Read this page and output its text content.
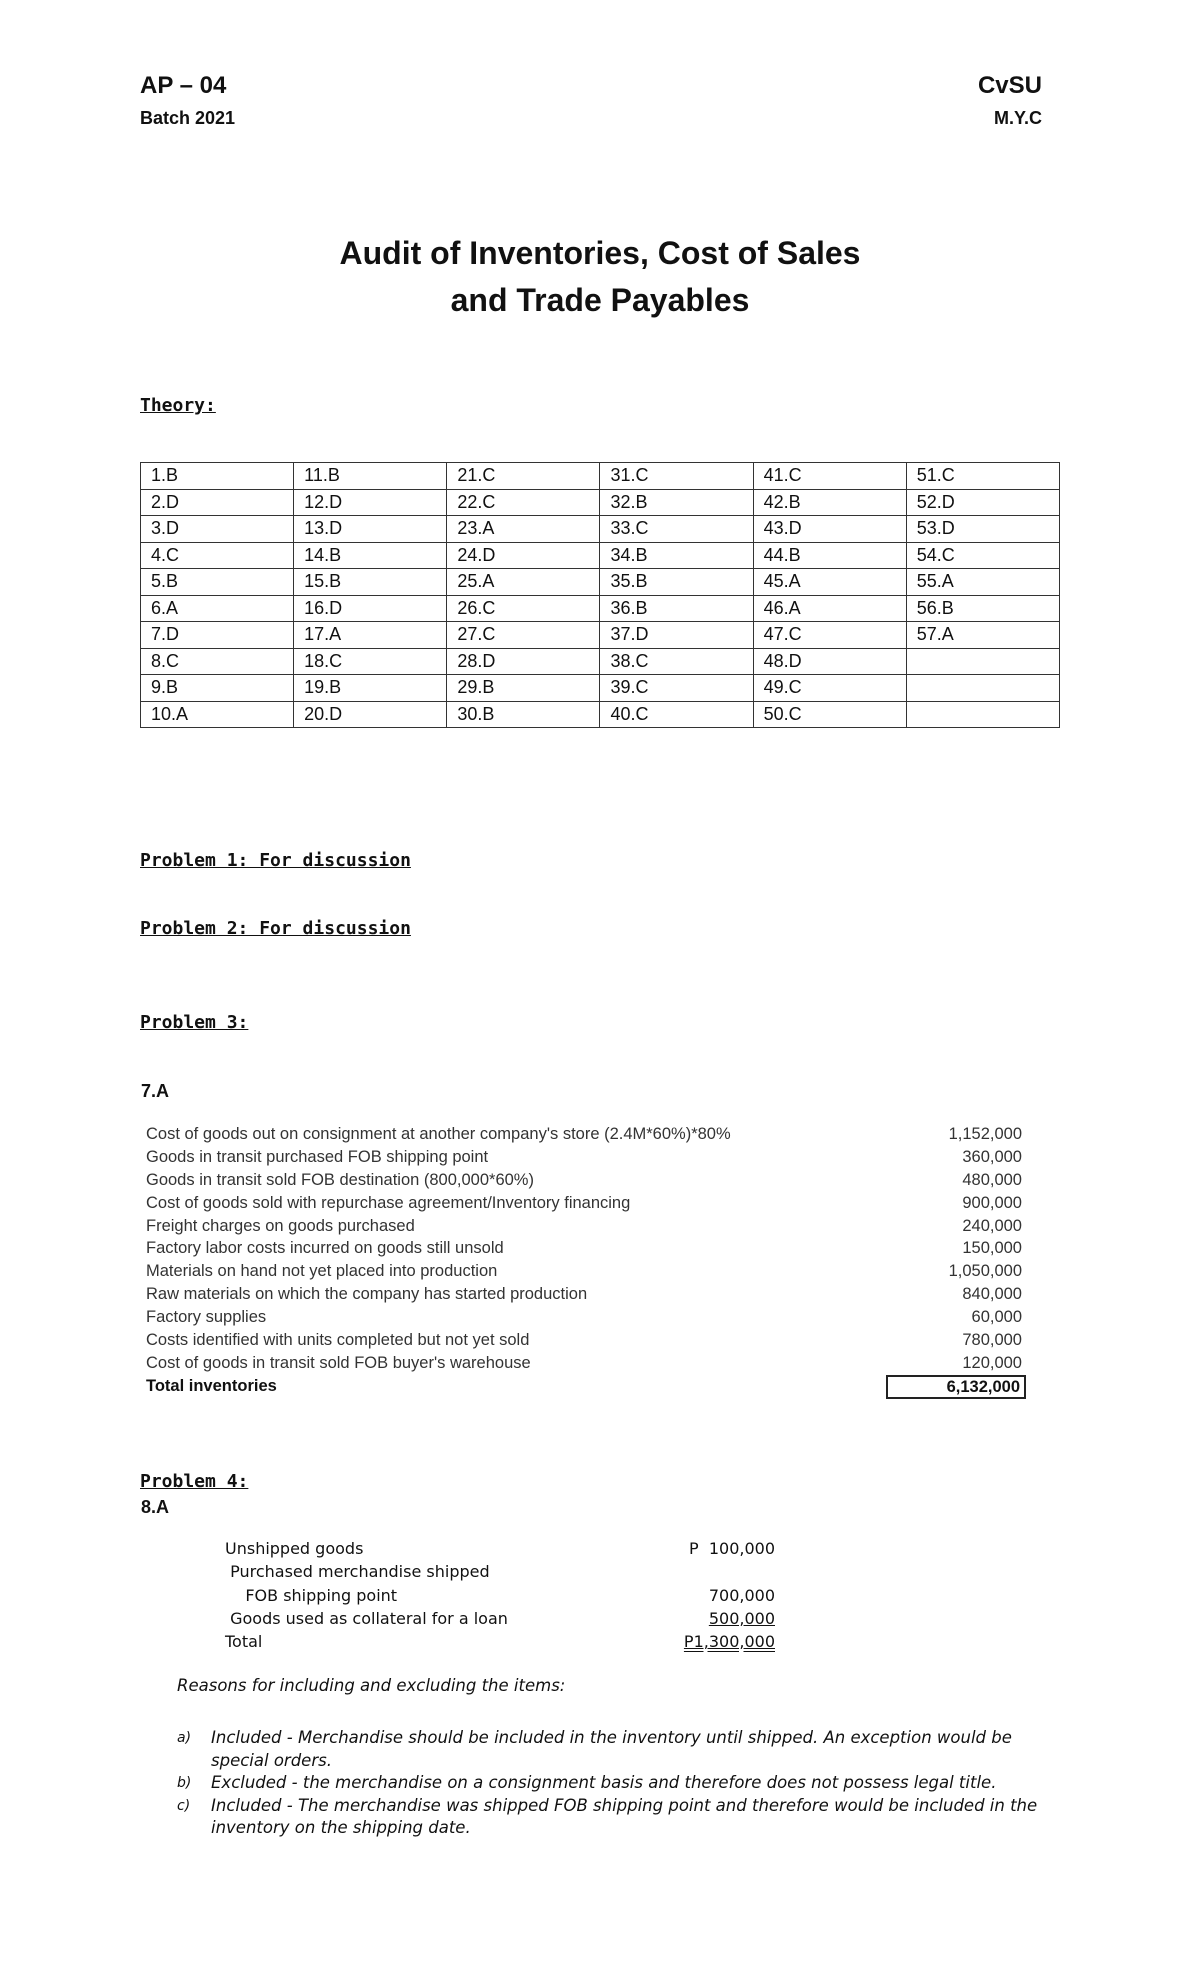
AP – 04
Batch 2021
CvSU
M.Y.C
Audit of Inventories, Cost of Sales
and Trade Payables
Theory:
1.B	11.B	21.C	31.C	41.C	51.C
2.D	12.D	22.C	32.B	42.B	52.D
3.D	13.D	23.A	33.C	43.D	53.D
4.C	14.B	24.D	34.B	44.B	54.C
5.B	15.B	25.A	35.B	45.A	55.A
6.A	16.D	26.C	36.B	46.A	56.B
7.D	17.A	27.C	37.D	47.C	57.A
8.C	18.C	28.D	38.C	48.D	
9.B	19.B	29.B	39.C	49.C	
10.A	20.D	30.B	40.C	50.C	
Problem 1: For discussion
Problem 2: For discussion
Problem 3:
7.A
Cost of goods out on consignment at another company's store (2.4M*60%)*80%	1,152,000
Goods in transit purchased FOB shipping point	360,000
Goods in transit sold FOB destination (800,000*60%)	480,000
Cost of goods sold with repurchase agreement/Inventory financing	900,000
Freight charges on goods purchased	240,000
Factory labor costs incurred on goods still unsold	150,000
Materials on hand not yet placed into production	1,050,000
Raw materials on which the company has started production	840,000
Factory supplies	60,000
Costs identified with units completed but not yet sold	780,000
Cost of goods in transit sold FOB buyer's warehouse	120,000
Total inventories	6,132,000
Problem 4:
8.A
Unshipped goods	P  100,000
Purchased merchandise shipped
FOB shipping point	700,000
Goods used as collateral for a loan	500,000
Total	P1,300,000
Reasons for including and excluding the items:
a)	Included - Merchandise should be included in the inventory until shipped. An exception would be special orders.
b)	Excluded - the merchandise on a consignment basis and therefore does not possess legal title.
c)	Included - The merchandise was shipped FOB shipping point and therefore would be included in the inventory on the shipping date.
